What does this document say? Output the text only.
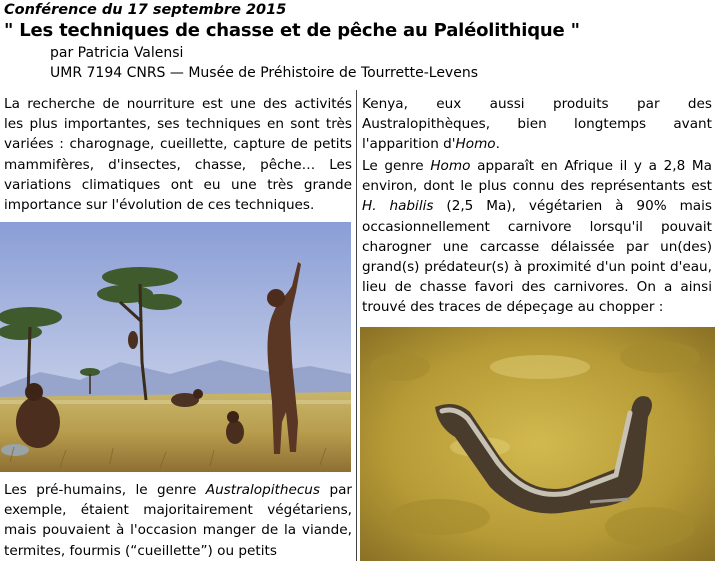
Conférence du 17 septembre 2015
" Les techniques de chasse et de pêche au Paléolithique "
par Patricia Valensi
UMR 7194 CNRS — Musée de Préhistoire de Tourrette-Levens

La recherche de nourriture est une des activités les plus importantes, ses techniques en sont très variées : charognage, cueillette, capture de petits mammifères, d'insectes, chasse, pêche… Les variations climatiques ont eu une très grande importance sur l'évolution de ces techniques.

Les pré-humains, le genre Australopithecus par exemple, étaient majoritairement végétariens, mais pouvaient à l'occasion manger de la viande, termites, fourmis (“cueillette”) ou petits

Kenya, eux aussi produits par des Australopithèques, bien longtemps avant l'apparition d'Homo.

Le genre Homo apparaît en Afrique il y a 2,8 Ma environ, dont le plus connu des représentants est H. habilis (2,5 Ma), végétarien à 90% mais occasionnellement carnivore lorsqu'il pouvait charogner une carcasse délaissée par un(des) grand(s) prédateur(s) à proximité d'un point d'eau, lieu de chasse favori des carnivores. On a ainsi trouvé des traces de dépeçage au chopper :
